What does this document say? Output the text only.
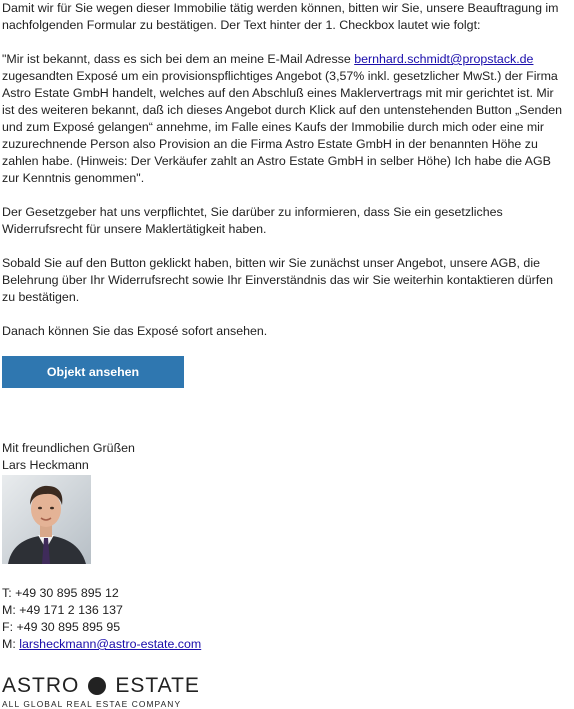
Damit wir für Sie wegen dieser Immobilie tätig werden können, bitten wir Sie, unsere Beauftragung im nachfolgenden Formular zu bestätigen. Der Text hinter der 1. Checkbox lautet wie folgt:

"Mir ist bekannt, dass es sich bei dem an meine E-Mail Adresse bernhard.schmidt@propstack.de zugesandten Exposé um ein provisionspflichtiges Angebot (3,57% inkl. gesetzlicher MwSt.) der Firma Astro Estate GmbH handelt, welches auf den Abschluß eines Maklervertrags mit mir gerichtet ist. Mir ist des weiteren bekannt, daß ich dieses Angebot durch Klick auf den untenstehenden Button „Senden und zum Exposé gelangen“ annehme, im Falle eines Kaufs der Immobilie durch mich oder eine mir zuzurechnende Person also Provision an die Firma Astro Estate GmbH in der benannten Höhe zu zahlen habe. (Hinweis: Der Verkäufer zahlt an Astro Estate GmbH in selber Höhe) Ich habe die AGB zur Kenntnis genommen".

Der Gesetzgeber hat uns verpflichtet, Sie darüber zu informieren, dass Sie ein gesetzliches Widerrufsrecht für unsere Maklertätigkeit haben.

Sobald Sie auf den Button geklickt haben, bitten wir Sie zunächst unser Angebot, unsere AGB, die Belehrung über Ihr Widerrufsrecht sowie Ihr Einverständnis das wir Sie weiterhin kontaktieren dürfen zu bestätigen.

Danach können Sie das Exposé sofort ansehen.

Objekt ansehen

Mit freundlichen Grüßen

Lars Heckmann

T: +49 30 895 895 12

M: +49 171 2 136 137

F: +49 30 895 895 95

M: larsheckmann@astro-estate.com

ASTRO ESTATE
ALL GLOBAL REAL ESTAE COMPANY
